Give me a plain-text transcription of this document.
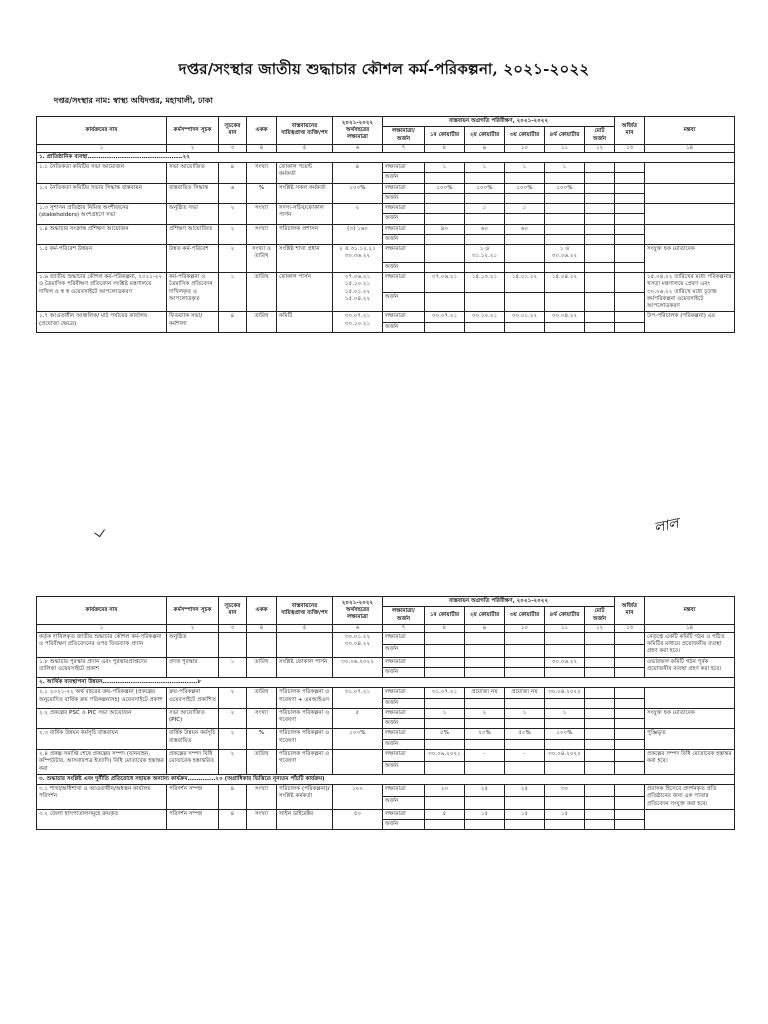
দপ্তর/সংস্থার জাতীয় শুদ্ধাচার কৌশল কর্ম-পরিকল্পনা, ২০২১-২০২২
দপ্তর/সংস্থার নাম: স্বাস্থ্য অধিদপ্তর, মহাখালী, ঢাকা
কার্যক্রমের নাম	কর্মসম্পাদন সূচক	সূচকের মান	একক	বাস্তবায়নের দায়িত্বপ্রাপ্ত ব্যক্তি/পদ	২০২১-২০২২ অর্থবছরের লক্ষ্যমাত্রা	বাস্তবায়ন অগ্রগতি পরিবীক্ষণ, ২০২১-২০২২						অর্জিত মান	মন্তব্য
						লক্ষ্যমাত্রা/ অর্জন	১ম কোয়ার্টার	২য় কোয়ার্টার	৩য় কোয়ার্টার	৪র্থ কোয়ার্টার	মোট অর্জন		
১	২	৩	৪	৫	৬	৭	৮	৯	১০	১১	১২	১৩	১৪
১. প্রাতিষ্ঠানিক ব্যবস্থা……………………………………………২২													
১.১ নৈতিকতা কমিটির সভা আয়োজন	সভা আয়োজিত	৪	সংখ্যা	ফোকাল পয়েন্ট কর্মকর্তা	৪	লক্ষ্যমাত্রা	১	১	১	১			
						অর্জন							
১.২ নৈতিকতা কমিটির সভার সিদ্ধান্ত বাস্তবায়ন	বাস্তবায়িত সিদ্ধান্ত	৬	%	সংশ্লিষ্ট সকল কর্মকর্তা	১০০%	লক্ষ্যমাত্রা	১০০%	১০০%	১০০%	১০০%			
						অর্জন							
১.৩ সুশাসন প্রতিষ্ঠার নিমিত্ত অংশীজনের (stakeholders) অংশগ্রহণে সভা	অনুষ্ঠিত সভা	২	সংখ্যা	সদস্য-সচিব/ফোকাল পার্সন	২	লক্ষ্যমাত্রা		১	১				
						অর্জন							
১.৪ শুদ্ধাচার সংক্রান্ত প্রশিক্ষণ আয়োজন	প্রশিক্ষণ আয়োজিত	২	সংখ্যা	পরিচালক প্রশাসন	(৩) ১৬০	লক্ষ্যমাত্রা	৪০	৬০	৬০				
						অর্জন							
১.৫ কর্ম-পরিবেশ উন্নয়ন	উন্নত কর্ম-পরিবেশ	২	সংখ্যা ও তারিখ	সংশ্লিষ্ট শাখা প্রধান	২ ও ৩১.১২.২১ ৩০.০৬.২২	লক্ষ্যমাত্রা		১ ও ৩১.১২.২১		১ ও ৩০.০৬.২২			সংযুক্ত ছক মোতাবেক
						অর্জন							
১.৬ জাতীয় শুদ্ধাচার কৌশল কর্ম-পরিকল্পনা, ২০২১-২২ ও ত্রৈমাসিক পরিবীক্ষণ প্রতিবেদন সংশ্লিষ্ট মন্ত্রণালয়ে দাখিল ও স্ব স্ব ওয়েবসাইটে আপলোডকরণ	কর্ম-পরিকল্পনা ও ত্রৈমাসিক প্রতিবেদন দাখিলকৃত ও আপলোডকৃত	১	তারিখ	ফোকাল পার্সন	০৭.০৬.২১ ১৫.১০.২১ ১৫.০১.২২ ১৫.০৪.২২	লক্ষ্যমাত্রা	০৭.০৬.২১	১৫.১০.২১	১৫.০১.২২	১৫.০৪.২২			১৫.০৪.২২ তারিখের মধ্যে পরিকল্পনার খসড়া মন্ত্রণালয়ে প্রেরণ এবং ৩০.০৬.২২ তারিখে মধ্যে চূড়ান্ত কর্মপরিকল্পনা ওয়েবসাইটে আপলোডকরণ
						অর্জন							
১.৭ আওতাধীন আঞ্চলিক/ মাঠ পর্যায়ের কার্যালয় (প্রযোজ্য ক্ষেত্রে)	ফিডব্যাক সভা/কর্মশালা	৪	তারিখ	কমিটি	৩০.০৭.২১ ৩০.১০.২১	লক্ষ্যমাত্রা	৩০.০৭.২১	৩০.১০.২১	৩০.০১.২২	৩০.০৪.২২			উপ-পরিচালক (পরিকল্পনা) এর
						অর্জন							
লাল
কার্যক্রমের নাম	কর্মসম্পাদন সূচক	সূচকের মান	একক	বাস্তবায়নের দায়িত্বপ্রাপ্ত ব্যক্তি/পদ	২০২১-২০২২ অর্থবছরের লক্ষ্যমাত্রা	বাস্তবায়ন অগ্রগতি পরিবীক্ষণ, ২০২১-২০২২						অর্জিত মান	মন্তব্য
						লক্ষ্যমাত্রা/ অর্জন	১ম কোয়ার্টার	২য় কোয়ার্টার	৩য় কোয়ার্টার	৪র্থ কোয়ার্টার	মোট অর্জন		
১	২	৩	৪	৫	৬	৭	৮	৯	১০	১১	১২	১৩	১৪
কর্তৃক দাখিলকৃত জাতীয় শুদ্ধাচার কৌশল কর্ম-পরিকল্পনা ও পরিবীক্ষণ প্রতিবেদনের ওপর ফিডব্যাক প্রদান	অনুষ্ঠিত				৩০.০১.২২ ৩০.০৪.২২	লক্ষ্যমাত্রা							নেতৃত্বে একটি কমিটি গঠন ও গঠিত কমিটির মাধ্যমে প্রয়োজনীয় ব্যবস্থা গ্রহণ করা হবে।
						অর্জন							
১.৮ শুদ্ধাচার পুরস্কার প্রদান এবং পুরস্কারপ্রাপ্তদের তালিকা ওয়েবসাইটে প্রকাশ	প্রদত্ত পুরস্কার	১	তারিখ	সংশ্লিষ্ট ফোকাল পার্সন	৩০.০৬.২০২২	লক্ষ্যমাত্রা				৩০.০৬.২২			ওভারঅল কমিটি গঠন পূর্বক প্রয়োজনীয় ব্যবস্থা গ্রহণ করা হবে।
						অর্জন							
২. আর্থিক ব্যবস্থাপনা উন্নয়ন……………………………………………৮													
২.১ ২০২১-২২ অর্থ বছরের ক্রয়-পরিকল্পনা (প্রকল্পের অনুমোদিত বার্ষিক ক্রয় পরিকল্পনাসহ) ওয়েবসাইটে প্রকাশ	ক্রয়-পরিকল্পনা ওয়েবসাইটে প্রকাশিত	২	তারিখ	পরিচালক পরিকল্পনা ও গবেষণা + এমআইএস	৩১.০৭.২১	লক্ষ্যমাত্রা	৩১.০৭.২১	প্রযোজ্য নয়	প্রযোজ্য নয়	৩০.০৪.২০২২			
						অর্জন							
২.২ প্রকল্পের PSC ও PIC সভা আয়োজন	সভা আয়োজিত (PIC)	২	সংখ্যা	পরিচালক পরিকল্পনা ও গবেষণা	৫	লক্ষ্যমাত্রা	১	২	১	১			সংযুক্ত ছক মোতাবেক
						অর্জন							
২.৩ বার্ষিক উন্নয়ন কর্মসূচি বাস্তবায়ন	বার্ষিক উন্নয়ন কর্মসূচি বাস্তবায়িত	২	%	পরিচালক পরিকল্পনা ও গবেষণা	১০০%	লক্ষ্যমাত্রা	৫%	২০%	৫০%	১০০%			পুঞ্জিভূত
						অর্জন							
২.৪ প্রকল্প সমাপ্তি শেষে প্রকল্পের সম্পদ (যানবাহন, কম্পিউটার, আসবাবপত্র ইত্যাদি) বিধি মোতাবেক হস্তান্তর করা	প্রকল্পের সম্পদ বিধি মোতাবেক হস্তান্তরিত	২	তারিখ	পরিচালক পরিকল্পনা ও গবেষণা		লক্ষ্যমাত্রা	৩০.০৯.২০২১	-	-	৩০.০৪.২০২২			প্রকল্পের সম্পদ বিধি মোতাবেক হস্তান্তর করা হবে।
						অর্জন							
৩. শুদ্ধাচার সংশ্লিষ্ট এবং দুর্নীতি প্রতিরোধে সহায়ক অন্যান্য কার্যক্রম……………২০ (অগ্রাধিকার ভিত্তিতে নূন্যতম পাঁচটি কার্যক্রম)													
৩.১ শাখা/অধিশাখা ও আওতাধীন/অধস্তন কার্যালয় পরিদর্শন	পরিদর্শন সম্পন্ন	৪	সংখ্যা	পরিচালক (পরিকল্পনা)/ সংশ্লিষ্ট কর্মকর্তা	১০০	লক্ষ্যমাত্রা	২০	২৫	২৫	৩০			প্রবাসক হিসেবে প্রদর্শনকৃত প্রতি প্রতিষ্ঠানের জন্য এক পাতার প্রতিবেদন সংযুক্ত করা হবে।
						অর্জন							
৩.২ জেলা হাসপাতালসমূহে ক্রয়কৃত	পরিদর্শন সম্পন্ন	৪	সংখ্যা	লাইন ডাইরেক্টর	৫০	লক্ষ্যমাত্রা	৫	১৫	১৫	১৫			
						অর্জন							
